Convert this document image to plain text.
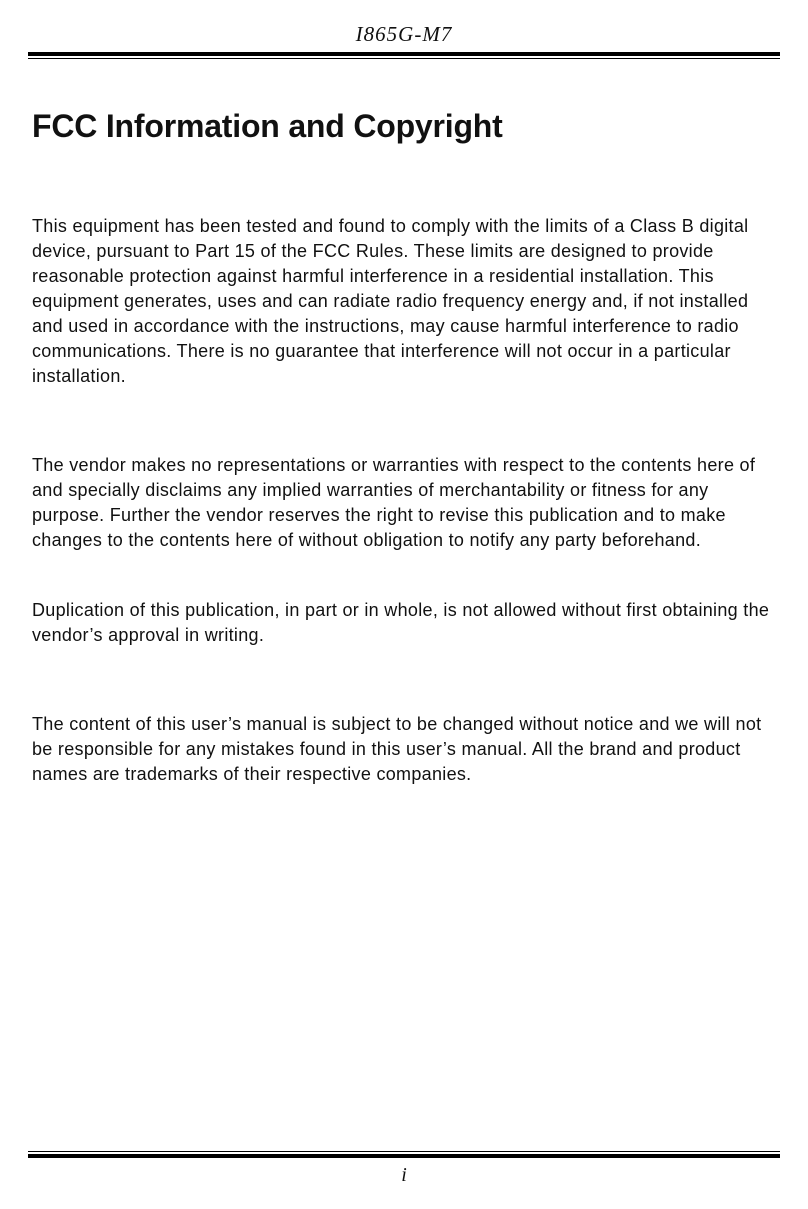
I865G-M7
FCC Information and Copyright

This equipment has been tested and found to comply with the limits of a Class B digital device, pursuant to Part 15 of the FCC Rules. These limits are designed to provide reasonable protection against harmful interference in a residential installation. This equipment generates, uses and can radiate radio frequency energy and, if not installed and used in accordance with the instructions, may cause harmful interference to radio communications. There is no guarantee that interference will not occur in a particular installation.

The vendor makes no representations or warranties with respect to the contents here of and specially disclaims any implied warranties of merchantability or fitness for any purpose. Further the vendor reserves the right to revise this publication and to make changes to the contents here of without obligation to notify any party beforehand.

Duplication of this publication, in part or in whole, is not allowed without first obtaining the vendor’s approval in writing.

The content of this user’s manual is subject to be changed without notice and we will not be responsible for any mistakes found in this user’s manual. All the brand and product names are trademarks of their respective companies.

i
